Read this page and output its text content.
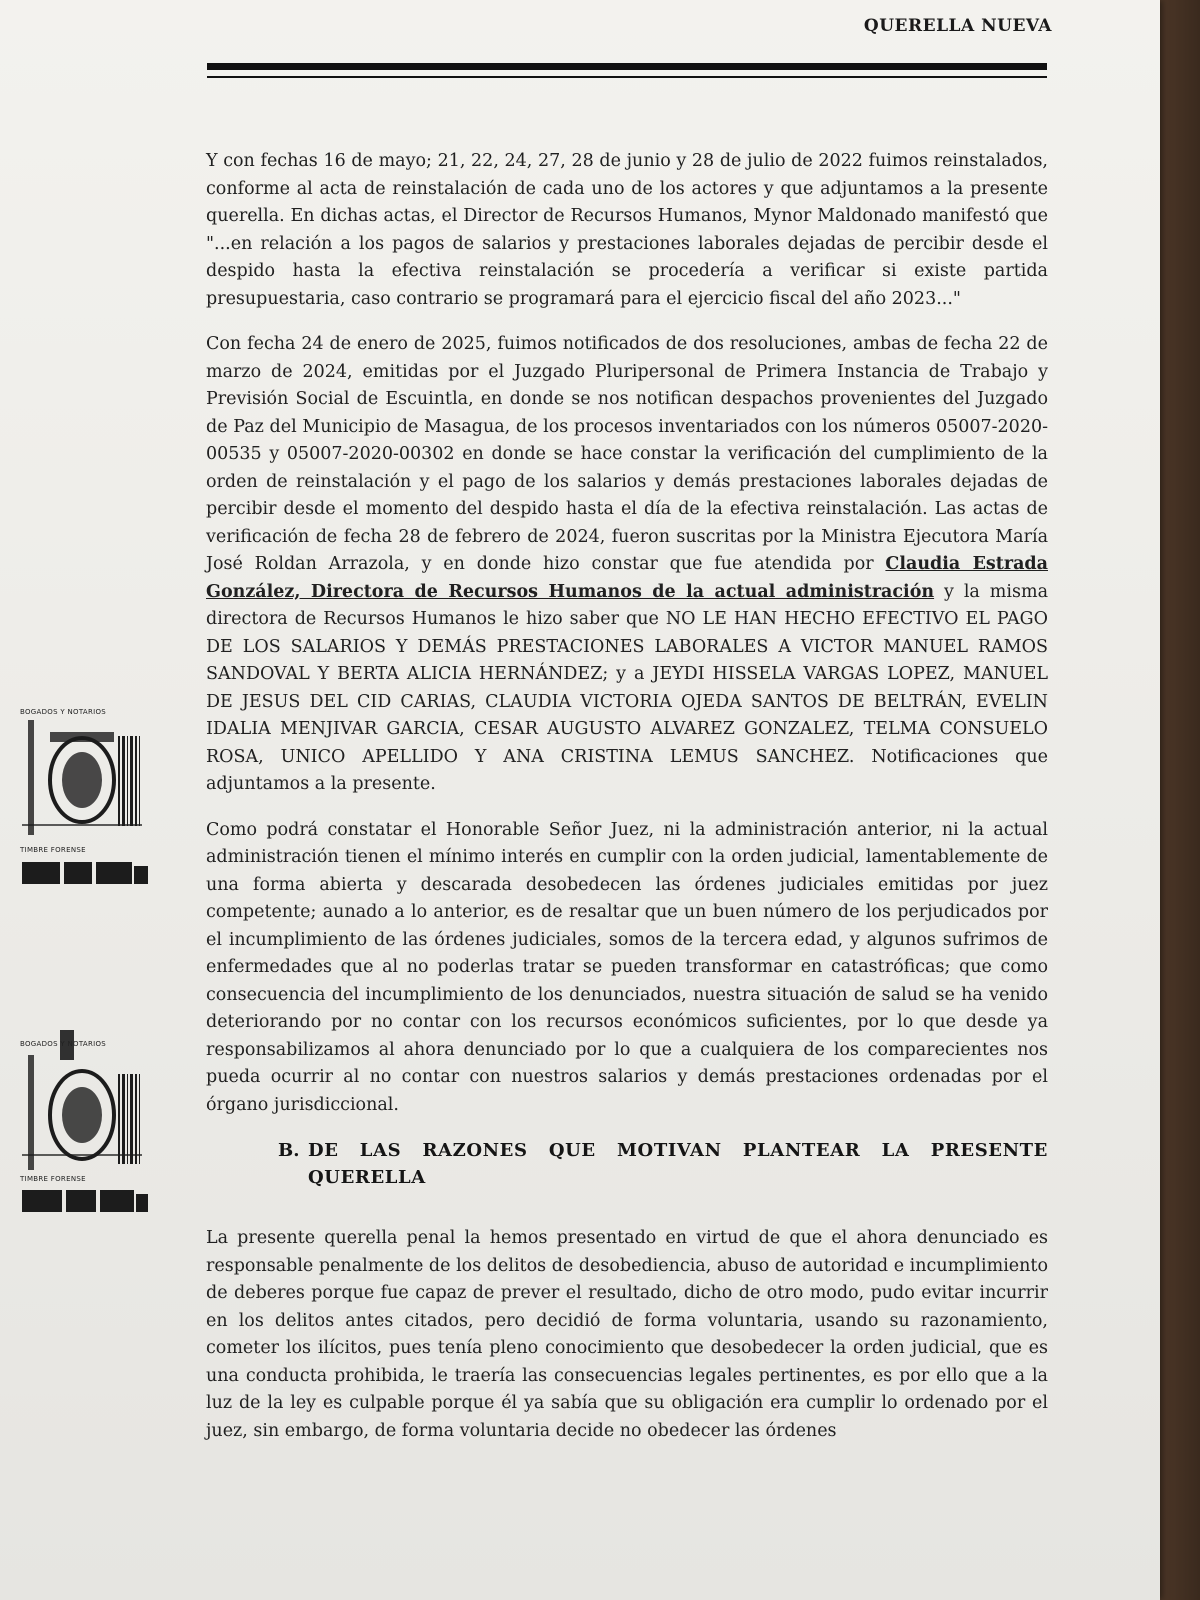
QUERELLA NUEVA

Y con fechas 16 de mayo; 21, 22, 24, 27, 28 de junio y 28 de julio de 2022 fuimos reinstalados, conforme al acta de reinstalación de cada uno de los actores y que adjuntamos a la presente querella. En dichas actas, el Director de Recursos Humanos, Mynor Maldonado manifestó que "...en relación a los pagos de salarios y prestaciones laborales dejadas de percibir desde el despido hasta la efectiva reinstalación se procedería a verificar si existe partida presupuestaria, caso contrario se programará para el ejercicio fiscal del año 2023..."

Con fecha 24 de enero de 2025, fuimos notificados de dos resoluciones, ambas de fecha 22 de marzo de 2024, emitidas por el Juzgado Pluripersonal de Primera Instancia de Trabajo y Previsión Social de Escuintla, en donde se nos notifican despachos provenientes del Juzgado de Paz del Municipio de Masagua, de los procesos inventariados con los números 05007-2020-00535 y 05007-2020-00302 en donde se hace constar la verificación del cumplimiento de la orden de reinstalación y el pago de los salarios y demás prestaciones laborales dejadas de percibir desde el momento del despido hasta el día de la efectiva reinstalación. Las actas de verificación de fecha 28 de febrero de 2024, fueron suscritas por la Ministra Ejecutora María José Roldan Arrazola, y en donde hizo constar que fue atendida por Claudia Estrada González, Directora de Recursos Humanos de la actual administración y la misma directora de Recursos Humanos le hizo saber que NO LE HAN HECHO EFECTIVO EL PAGO DE LOS SALARIOS Y DEMÁS PRESTACIONES LABORALES A VICTOR MANUEL RAMOS SANDOVAL Y BERTA ALICIA HERNÁNDEZ; y a JEYDI HISSELA VARGAS LOPEZ, MANUEL DE JESUS DEL CID CARIAS, CLAUDIA VICTORIA OJEDA SANTOS DE BELTRÁN, EVELIN IDALIA MENJIVAR GARCIA, CESAR AUGUSTO ALVAREZ GONZALEZ, TELMA CONSUELO ROSA, UNICO APELLIDO Y ANA CRISTINA LEMUS SANCHEZ. Notificaciones que adjuntamos a la presente.

Como podrá constatar el Honorable Señor Juez, ni la administración anterior, ni la actual administración tienen el mínimo interés en cumplir con la orden judicial, lamentablemente de una forma abierta y descarada desobedecen las órdenes judiciales emitidas por juez competente; aunado a lo anterior, es de resaltar que un buen número de los perjudicados por el incumplimiento de las órdenes judiciales, somos de la tercera edad, y algunos sufrimos de enfermedades que al no poderlas tratar se pueden transformar en catastróficas; que como consecuencia del incumplimiento de los denunciados, nuestra situación de salud se ha venido deteriorando por no contar con los recursos económicos suficientes, por lo que desde ya responsabilizamos al ahora denunciado por lo que a cualquiera de los comparecientes nos pueda ocurrir al no contar con nuestros salarios y demás prestaciones ordenadas por el órgano jurisdiccional.

B. DE LAS RAZONES QUE MOTIVAN PLANTEAR LA PRESENTE QUERELLA

La presente querella penal la hemos presentado en virtud de que el ahora denunciado es responsable penalmente de los delitos de desobediencia, abuso de autoridad e incumplimiento de deberes porque fue capaz de prever el resultado, dicho de otro modo, pudo evitar incurrir en los delitos antes citados, pero decidió de forma voluntaria, usando su razonamiento, cometer los ilícitos, pues tenía pleno conocimiento que desobedecer la orden judicial, que es una conducta prohibida, le traería las consecuencias legales pertinentes, es por ello que a la luz de la ley es culpable porque él ya sabía que su obligación era cumplir lo ordenado por el juez, sin embargo, de forma voluntaria decide no obedecer las órdenes

BOGADOS Y NOTARIOS
TIMBRE FORENSE
BOGADOS Y NOTARIOS
TIMBRE FORENSE
